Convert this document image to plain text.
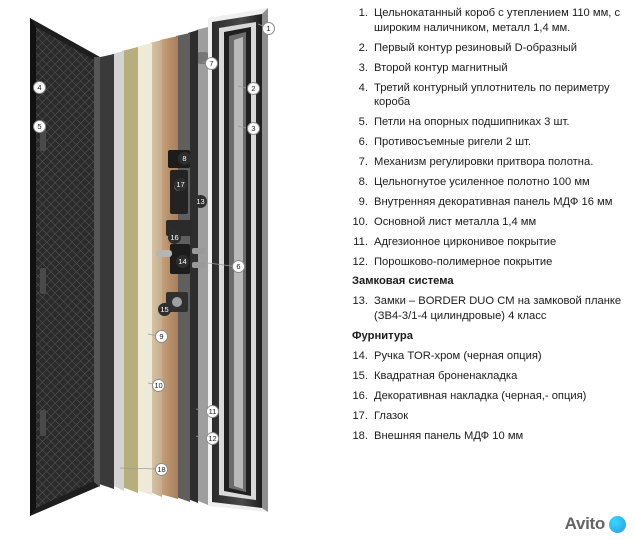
1
2
3
4
5
6
7
8
9
10
11
12
13
14
15
16
17
18
1. Цельнокатанный короб с утеплением 110 мм, с широким наличником, металл 1,4 мм.
2. Первый контур резиновый D-образный
3. Второй контур магнитный
4. Третий контурный уплотнитель по периметру короба
5. Петли на опорных подшипниках 3 шт.
6. Противосъемные ригели 2 шт.
7. Механизм регулировки притвора полотна.
8. Цельногнутое усиленное полотно 100 мм
9. Внутренняя декоративная панель МДФ 16 мм
10. Основной лист металла 1,4 мм
11. Адгезионное цирконивое покрытие
12. Порошково-полимерное покрытие
Замковая система
13. Замки – BORDER DUO CM на замковой планке (ЗВ4-3/1-4 цилиндровые) 4 класс
Фурнитура
14. Ручка TOR-хром (черная опция)
15. Квадратная броненакладка
16. Декоративная накладка (черная,- опция)
17. Глазок
18. Внешняя панель МДФ 10 мм
Avito
